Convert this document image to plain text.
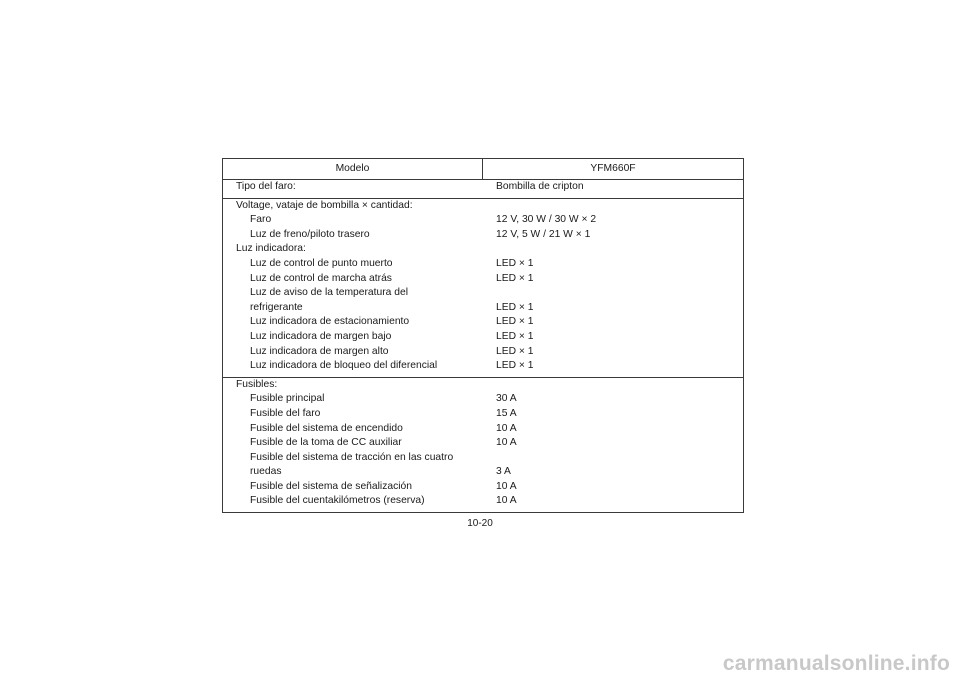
Modelo	YFM660F
Tipo del faro:	Bombilla de cripton
Voltage, vataje de bombilla × cantidad:
Faro	12 V, 30 W / 30 W × 2
Luz de freno/piloto trasero	12 V, 5 W / 21 W × 1
Luz indicadora:
Luz de control de punto muerto	LED × 1
Luz de control de marcha atrás	LED × 1
Luz de aviso de la temperatura del
refrigerante	LED × 1
Luz indicadora de estacionamiento	LED × 1
Luz indicadora de margen bajo	LED × 1
Luz indicadora de margen alto	LED × 1
Luz indicadora de bloqueo del diferencial	LED × 1
Fusibles:
Fusible principal	30 A
Fusible del faro	15 A
Fusible del sistema de encendido	10 A
Fusible de la toma de CC auxiliar	10 A
Fusible del sistema de tracción en las cuatro
ruedas	3 A
Fusible del sistema de señalización	10 A
Fusible del cuentakilómetros (reserva)	10 A
10-20
carmanualsonline.info
